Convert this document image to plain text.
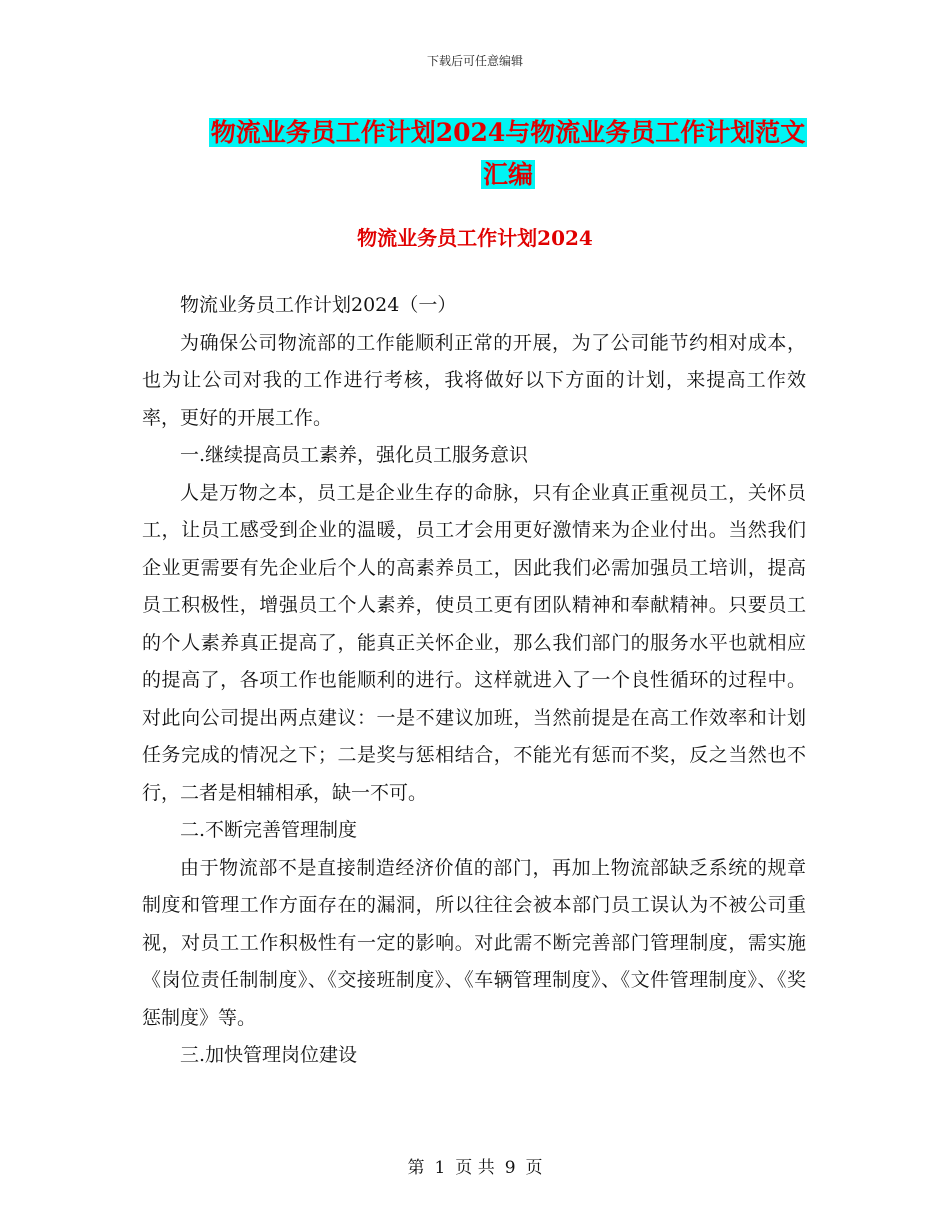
下载后可任意编辑
物流业务员工作计划2024与物流业务员工作计划范文
汇编
物流业务员工作计划2024

物流业务员工作计划2024（一）

为确保公司物流部的工作能顺利正常的开展，为了公司能节约相对成本，也为让公司对我的工作进行考核，我将做好以下方面的计划，来提高工作效率，更好的开展工作。

一.继续提高员工素养，强化员工服务意识

人是万物之本，员工是企业生存的命脉，只有企业真正重视员工，关怀员工，让员工感受到企业的温暖，员工才会用更好激情来为企业付出。当然我们企业更需要有先企业后个人的高素养员工，因此我们必需加强员工培训，提高员工积极性，增强员工个人素养，使员工更有团队精神和奉献精神。只要员工的个人素养真正提高了，能真正关怀企业，那么我们部门的服务水平也就相应的提高了，各项工作也能顺利的进行。这样就进入了一个良性循环的过程中。对此向公司提出两点建议：一是不建议加班，当然前提是在高工作效率和计划任务完成的情况之下；二是奖与惩相结合，不能光有惩而不奖，反之当然也不行，二者是相辅相承，缺一不可。

二.不断完善管理制度

由于物流部不是直接制造经济价值的部门，再加上物流部缺乏系统的规章制度和管理工作方面存在的漏洞，所以往往会被本部门员工误认为不被公司重视，对员工工作积极性有一定的影响。对此需不断完善部门管理制度，需实施《岗位责任制制度》、《交接班制度》、《车辆管理制度》、《文件管理制度》、《奖惩制度》等。

三.加快管理岗位建设

第 1 页 共 9 页
